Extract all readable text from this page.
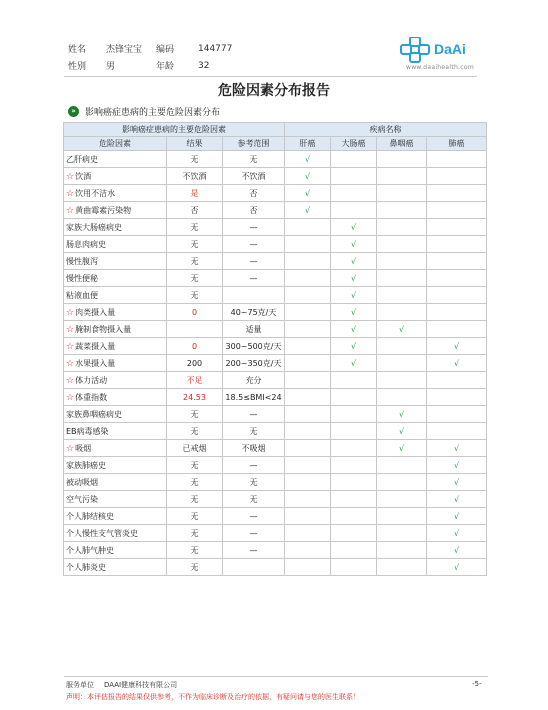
姓名	杰锋宝宝	编码	144777
性别	男	年龄	32
DaAi
www.daaihealth.com
危险因素分布报告
»	影响癌症患病的主要危险因素分布
影响癌症患病的主要危险因素			疾病名称			
危险因素	结果	参考范围	肝癌	大肠癌	鼻咽癌	肺癌
乙肝病史	无	无	√			
☆饮酒	不饮酒	不饮酒	√			
☆饮用不洁水	是	否	√			
☆黄曲霉素污染物	否	否	√			
家族大肠癌病史	无	—		√		
肠息肉病史	无	—		√		
慢性腹泻	无	—		√		
慢性便秘	无	—		√		
粘液血便	无			√		
☆肉类摄入量	0	40~75克/天		√		
☆腌制食物摄入量		适量		√	√	
☆蔬菜摄入量	0	300~500克/天		√		√
☆水果摄入量	200	200~350克/天		√		√
☆体力活动	不足	充分				
☆体重指数	24.53	18.5≤BMI<24				
家族鼻咽癌病史	无	—			√	
EB病毒感染	无	无			√	
☆吸烟	已戒烟	不吸烟			√	√
家族肺癌史	无	—				√
被动吸烟	无	无				√
空气污染	无	无				√
个人肺结核史	无	—				√
个人慢性支气管炎史	无	—				√
个人肺气肿史	无	—				√
个人肺炎史	无					√
服务单位 DAAI健康科技有限公司
声明：本评估报告的结果仅供参考，不作为临床诊断及治疗的依据，有疑问请与您的医生联系！
-5-
